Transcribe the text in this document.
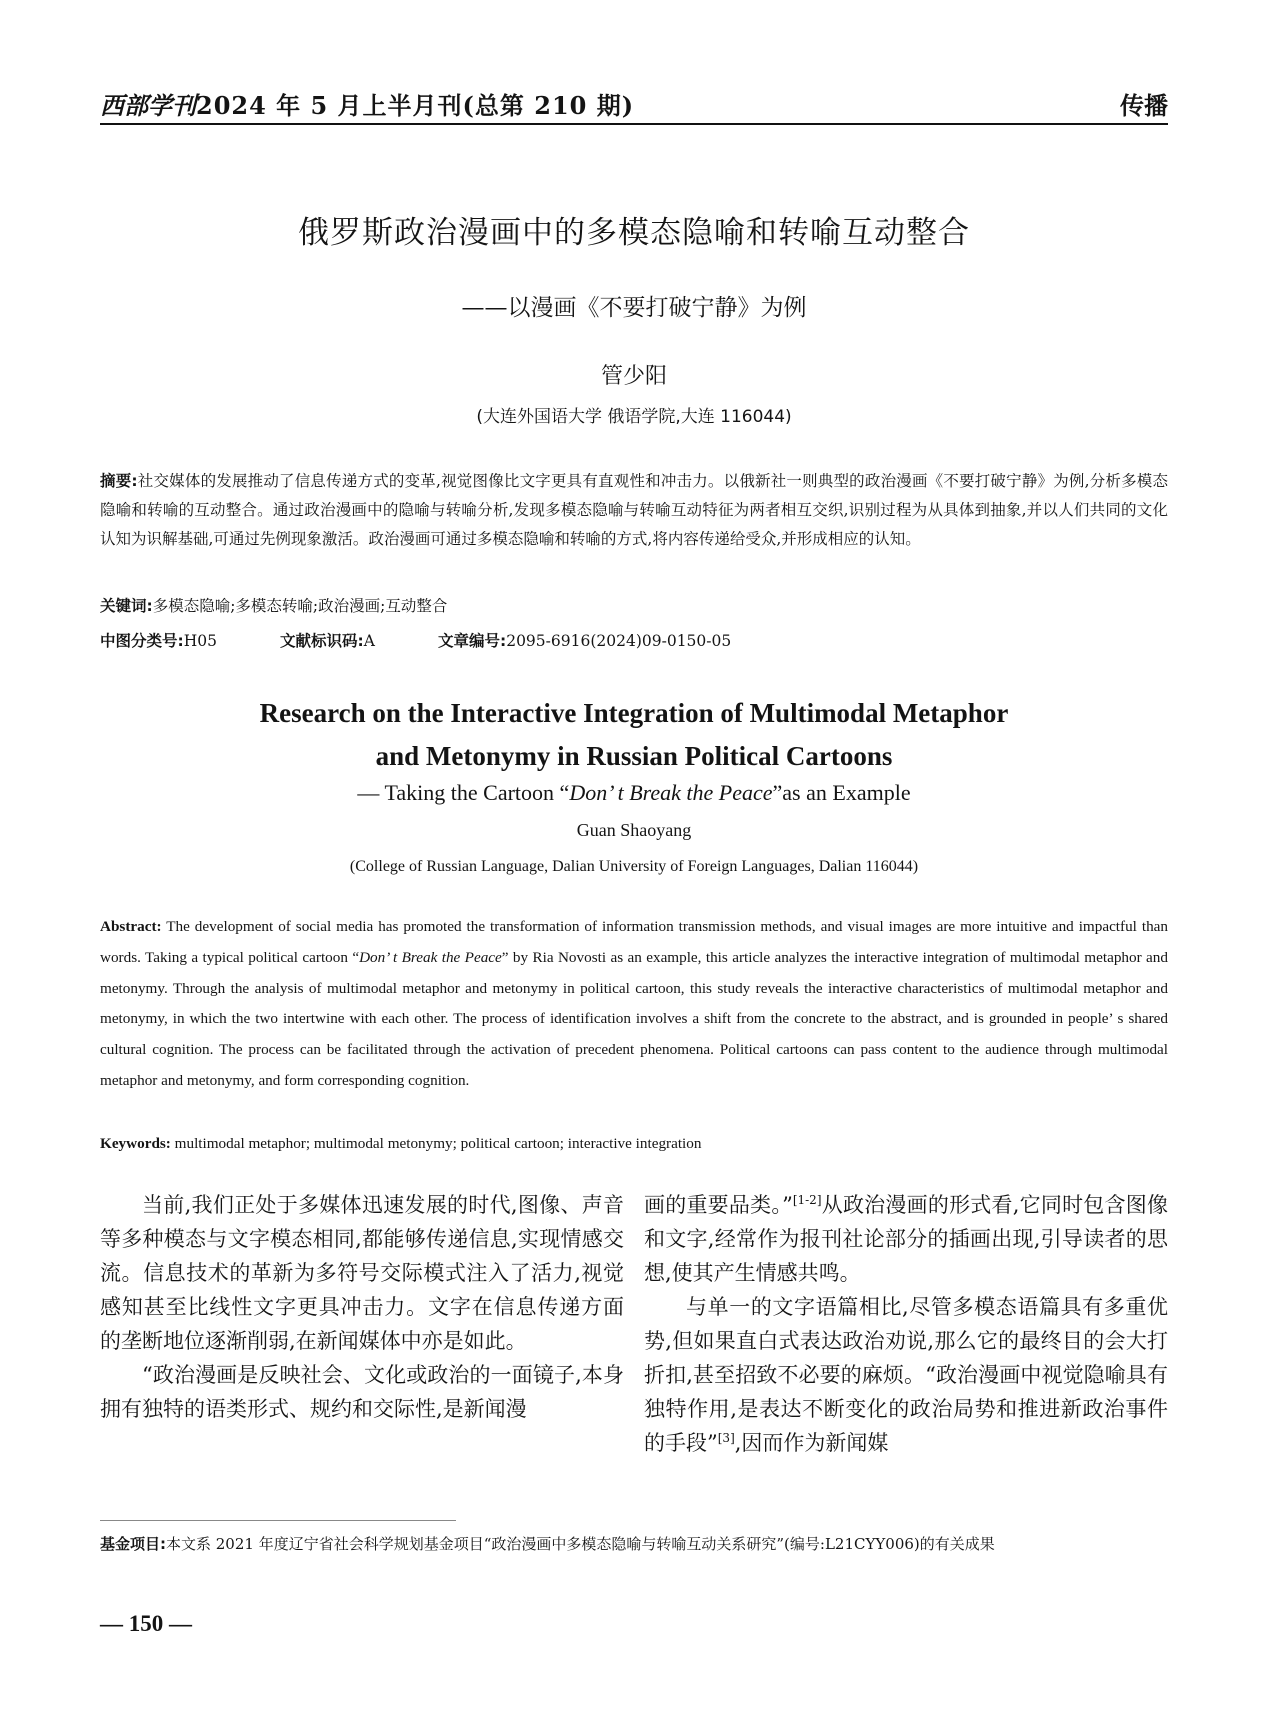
西部学刊2024 年 5 月上半月刊(总第 210 期)	传播
俄罗斯政治漫画中的多模态隐喻和转喻互动整合
——以漫画《不要打破宁静》为例
管少阳
(大连外国语大学 俄语学院,大连 116044)
摘要:社交媒体的发展推动了信息传递方式的变革,视觉图像比文字更具有直观性和冲击力。以俄新社一则典型的政治漫画《不要打破宁静》为例,分析多模态隐喻和转喻的互动整合。通过政治漫画中的隐喻与转喻分析,发现多模态隐喻与转喻互动特征为两者相互交织,识别过程为从具体到抽象,并以人们共同的文化认知为识解基础,可通过先例现象激活。政治漫画可通过多模态隐喻和转喻的方式,将内容传递给受众,并形成相应的认知。
关键词:多模态隐喻;多模态转喻;政治漫画;互动整合
中图分类号:H05	文献标识码:A	文章编号:2095-6916(2024)09-0150-05
Research on the Interactive Integration of Multimodal Metaphor
and Metonymy in Russian Political Cartoons
— Taking the Cartoon “Don’ t Break the Peace”as an Example
Guan Shaoyang
(College of Russian Language, Dalian University of Foreign Languages, Dalian 116044)
Abstract: The development of social media has promoted the transformation of information transmission methods, and visual images are more intuitive and impactful than words. Taking a typical political cartoon “Don’ t Break the Peace” by Ria Novosti as an example, this article analyzes the interactive integration of multimodal metaphor and metonymy. Through the analysis of multimodal metaphor and metonymy in political cartoon, this study reveals the interactive characteristics of multimodal metaphor and metonymy, in which the two intertwine with each other. The process of identification involves a shift from the concrete to the abstract, and is grounded in people’ s shared cultural cognition. The process can be facilitated through the activation of precedent phenomena. Political cartoons can pass content to the audience through multimodal metaphor and metonymy, and form corresponding cognition.
Keywords: multimodal metaphor; multimodal metonymy; political cartoon; interactive integration

当前,我们正处于多媒体迅速发展的时代,图像、声音等多种模态与文字模态相同,都能够传递信息,实现情感交流。信息技术的革新为多符号交际模式注入了活力,视觉感知甚至比线性文字更具冲击力。文字在信息传递方面的垄断地位逐渐削弱,在新闻媒体中亦是如此。

“政治漫画是反映社会、文化或政治的一面镜子,本身拥有独特的语类形式、规约和交际性,是新闻漫

画的重要品类。”[1-2]从政治漫画的形式看,它同时包含图像和文字,经常作为报刊社论部分的插画出现,引导读者的思想,使其产生情感共鸣。

与单一的文字语篇相比,尽管多模态语篇具有多重优势,但如果直白式表达政治劝说,那么它的最终目的会大打折扣,甚至招致不必要的麻烦。“政治漫画中视觉隐喻具有独特作用,是表达不断变化的政治局势和推进新政治事件的手段”[3],因而作为新闻媒

基金项目:本文系 2021 年度辽宁省社会科学规划基金项目“政治漫画中多模态隐喻与转喻互动关系研究”(编号:L21CYY006)的有关成果
— 150 —
